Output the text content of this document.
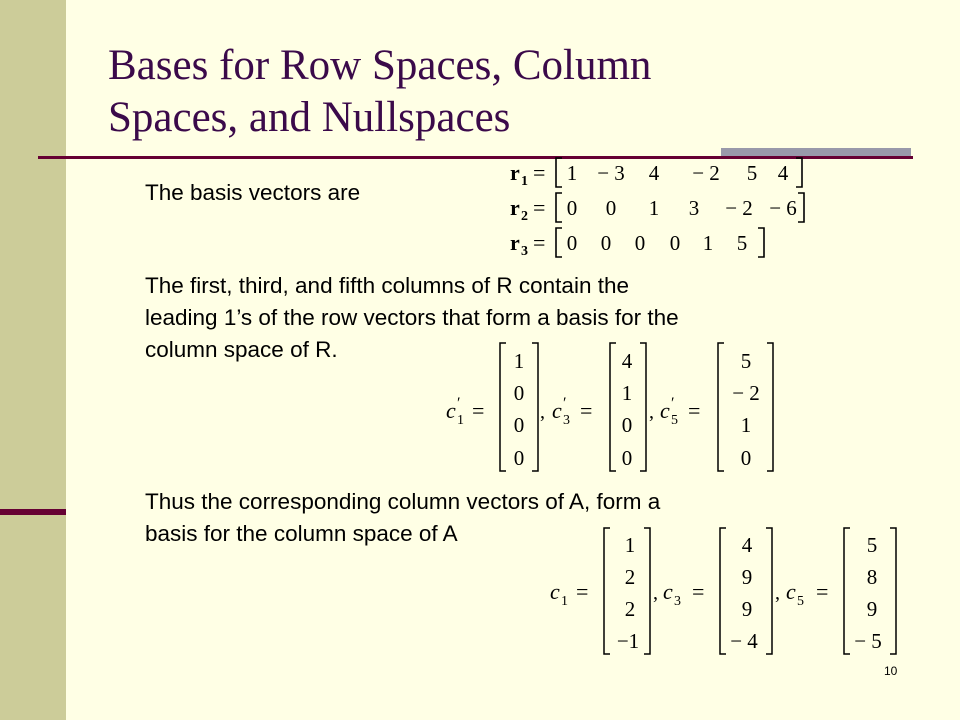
Bases for Row Spaces, Column
Spaces, and Nullspaces
The basis vectors are
The first, third, and fifth columns of R contain the
leading 1’s of the row vectors that form a basis for the
column space of R.
Thus the corresponding column vectors of A, form a
basis for the column space of A
r 1 = 1 − 3 4 − 2 5 4
r 2 = 0 0 1 3 − 2 − 6
r 3 = 0 0 0 0 1 5
c ′
1 =
1
0
0
0
, c ′
3 =
4
1
0
0
, c ′
5 =
5
− 2
1
0
c 1 =
1
2
2
−1
, c 3 =
4
9
9
− 4
, c 5 =
5
8
9
− 5
10
